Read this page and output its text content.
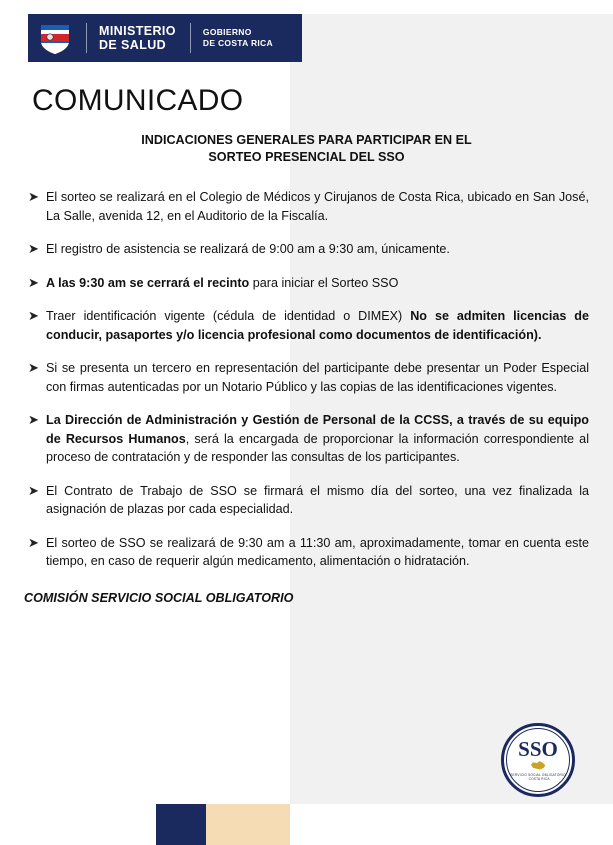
MINISTERIO
DE SALUD
GOBIERNO
DE COSTA RICA
COMUNICADO
INDICACIONES GENERALES PARA PARTICIPAR EN EL
SORTEO PRESENCIAL DEL SSO
➤ El sorteo se realizará en el Colegio de Médicos y Cirujanos de Costa Rica, ubicado en San José, La Salle, avenida 12, en el Auditorio de la Fiscalía.
➤ El registro de asistencia se realizará de 9:00 am a 9:30 am, únicamente.
➤ A las 9:30 am se cerrará el recinto para iniciar el Sorteo SSO
➤ Traer identificación vigente (cédula de identidad o DIMEX) No se admiten licencias de conducir, pasaportes y/o licencia profesional como documentos de identificación).
➤ Si se presenta un tercero en representación del participante debe presentar un Poder Especial con firmas autenticadas por un Notario Público y las copias de las identificaciones vigentes.
➤ La Dirección de Administración y Gestión de Personal de la CCSS, a través de su equipo de Recursos Humanos, será la encargada de proporcionar la información correspondiente al proceso de contratación y de responder las consultas de los participantes.
➤ El Contrato de Trabajo de SSO se firmará el mismo día del sorteo, una vez finalizada la asignación de plazas por cada especialidad.
➤ El sorteo de SSO se realizará de 9:30 am a 11:30 am, aproximadamente, tomar en cuenta este tiempo, en caso de requerir algún medicamento, alimentación o hidratación.
COMISIÓN SERVICIO SOCIAL OBLIGATORIO
SSO
SERVICIO SOCIAL OBLIGATORIO · COSTA RICA
